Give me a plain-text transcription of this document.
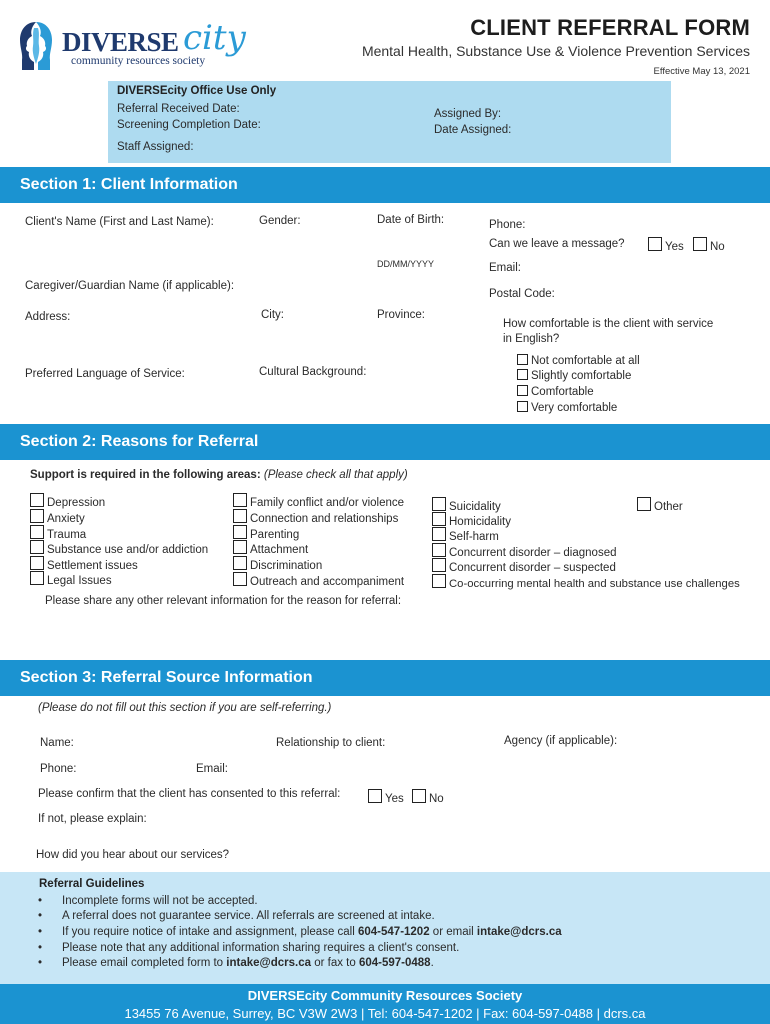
DIVERSE city
community resources society
CLIENT REFERRAL FORM
Mental Health, Substance Use & Violence Prevention Services
Effective May 13, 2021
DIVERSEcity Office Use Only
Referral Received Date:
Screening Completion Date:
Staff Assigned:
Assigned By:
Date Assigned:
Section 1: Client Information
Client's Name (First and Last Name):	Gender:	Date of Birth:
DD/MM/YYYY
Phone:
Can we leave a message?	Yes	No
Email:
Caregiver/Guardian Name (if applicable):
Postal Code:
Address:	City:	Province:
How comfortable is the client with service
in English?
Not comfortable at all
Slightly comfortable
Comfortable
Very comfortable
Preferred Language of Service:	Cultural Background:
Section 2: Reasons for Referral
Support is required in the following areas: (Please check all that apply)
Depression
Anxiety
Trauma
Substance use and/or addiction
Settlement issues
Legal Issues
Family conflict and/or violence
Connection and relationships
Parenting
Attachment
Discrimination
Outreach and accompaniment
Suicidality
Homicidality
Self-harm
Concurrent disorder – diagnosed
Concurrent disorder – suspected
Co-occurring mental health and substance use challenges
Other
Please share any other relevant information for the reason for referral:
Section 3: Referral Source Information
(Please do not fill out this section if you are self-referring.)
Name:	Relationship to client:	Agency (if applicable):
Phone:	Email:
Please confirm that the client has consented to this referral:	Yes	No
If not, please explain:
How did you hear about our services?
Referral Guidelines
• Incomplete forms will not be accepted.
• A referral does not guarantee service. All referrals are screened at intake.
• If you require notice of intake and assignment, please call 604-547-1202 or email intake@dcrs.ca
• Please note that any additional information sharing requires a client's consent.
• Please email completed form to intake@dcrs.ca or fax to 604-597-0488.
DIVERSEcity Community Resources Society
13455 76 Avenue, Surrey, BC V3W 2W3 | Tel: 604-547-1202 | Fax: 604-597-0488 | dcrs.ca
